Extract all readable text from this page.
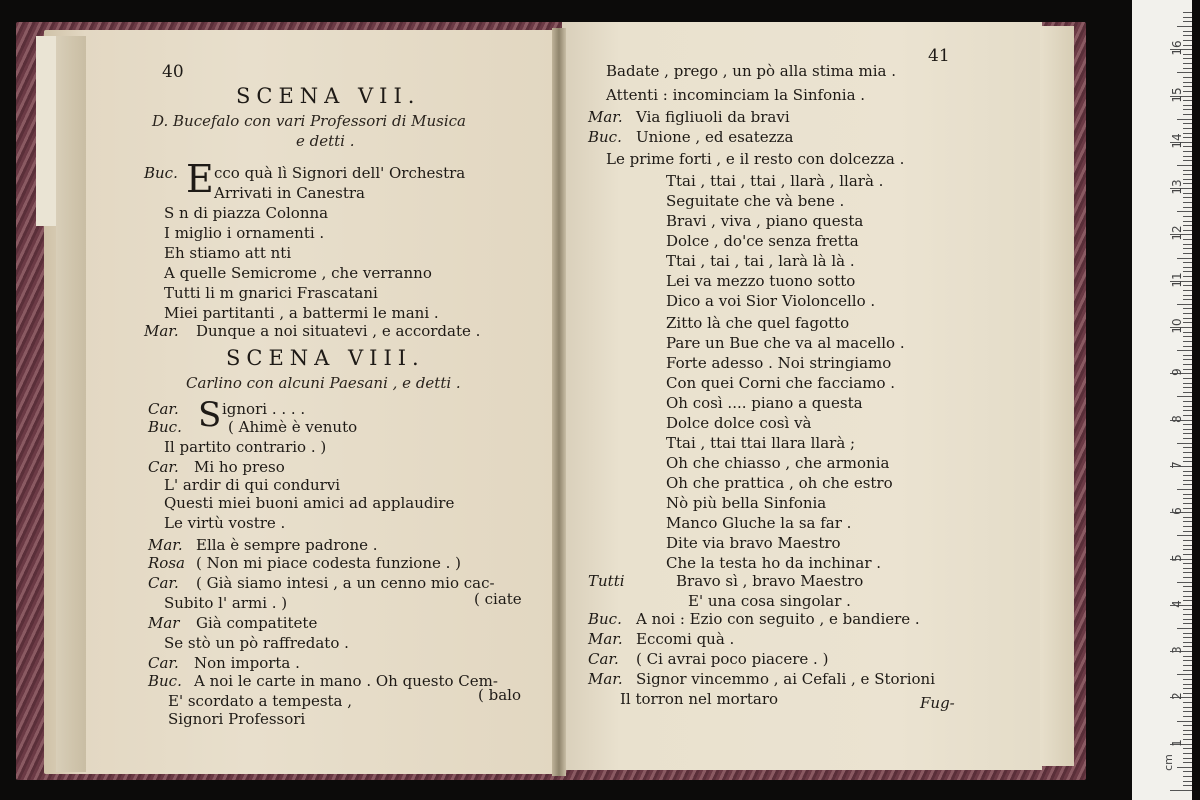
40
SCENA VII.
D. Bucefalo con vari Professori di Musica
e detti .
Buc. E cco quà lì Signori dell' Orchestra
Arrivati in Canestra
S n di piazza Colonna
I miglio i ornamenti .
Eh stiamo att nti
A quelle Semicrome , che verranno
Tutti li m gnarici Frascatani
Miei partitanti , a battermi le mani .
Mar. Dunque a noi situatevi , e accordate .
SCENA VIII.
Carlino con alcuni Paesani , e detti .
S
Car.	ignori . . . .
Buc.	( Ahimè è venuto
Il partito contrario . )
Car. Mi ho preso
L' ardir di qui condurvi
Questi miei buoni amici ad applaudire
Le virtù vostre .
Mar. Ella è sempre padrone .
Rosa ( Non mi piace codesta funzione . )
Car. ( Già siamo intesi , a un cenno mio cac-
Subito l' armi . )	( ciate
Mar Già compatitete
Se stò un pò raffredato .
Car. Non importa .
Buc. A noi le carte in mano . Oh questo Cem-
E' scordato a tempesta ,	( balo
Signori Professori
41
Badate , prego , un pò alla stima mia .
Attenti : incominciam la Sinfonia .
Mar. Via figliuoli da bravi
Buc. Unione , ed esatezza
Le prime forti , e il resto con dolcezza .
Ttai , ttai , ttai , llarà , llarà .
Seguitate che và bene .
Bravi , viva , piano questa
Dolce , do'ce senza fretta
Ttai , tai , tai , larà là là .
Lei va mezzo tuono sotto
Dico a voi Sior Violoncello .
Zitto là che quel fagotto
Pare un Bue che va al macello .
Forte adesso . Noi stringiamo
Con quei Corni che facciamo .
Oh così .... piano a questa
Dolce dolce così và
Ttai , ttai ttai llara llarà ;
Oh che chiasso , che armonia
Oh che prattica , oh che estro
Nò più bella Sinfonia
Manco Gluche la sa far .
Dite via bravo Maestro
Che la testa ho da inchinar .
Tutti	Bravo sì , bravo Maestro
E' una cosa singolar .
Buc. A noi : Ezio con seguito , e bandiere .
Mar. Eccomi quà .
Car. ( Ci avrai poco piacere . )
Mar. Signor vincemmo , ai Cefali , e Storioni
Il torron nel mortaro	Fug-
cm
1
2
3
4
5
6
7
8
9
10
11
12
13
14
15
16
